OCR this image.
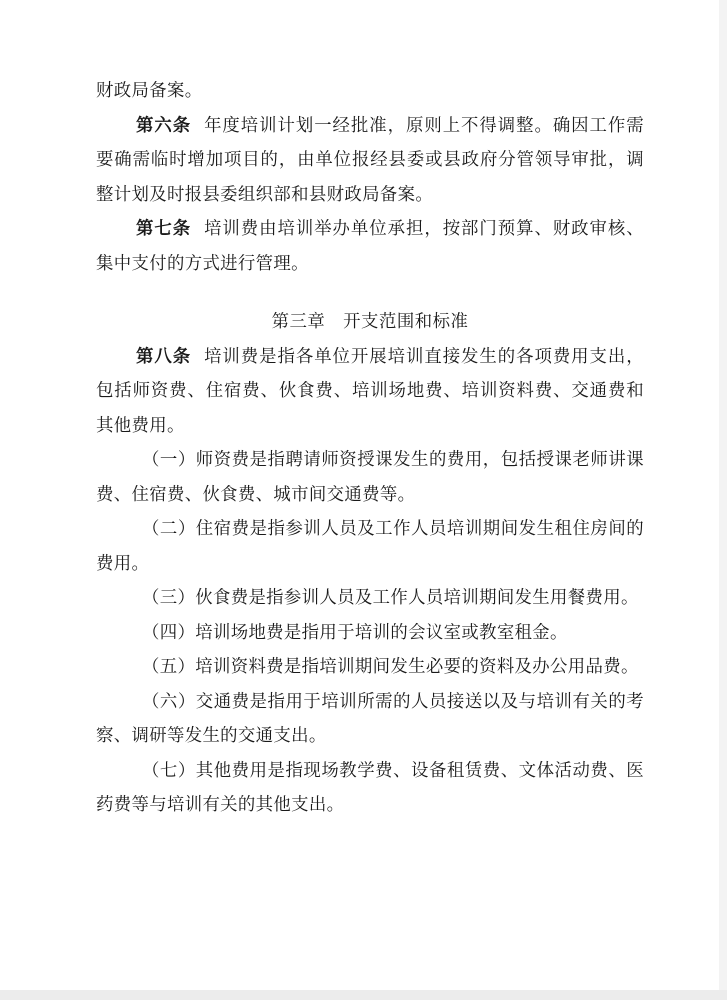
财政局备案。

第六条  年度培训计划一经批准，原则上不得调整。确因工作需要确需临时增加项目的，由单位报经县委或县政府分管领导审批，调整计划及时报县委组织部和县财政局备案。

第七条  培训费由培训举办单位承担，按部门预算、财政审核、集中支付的方式进行管理。

第三章　开支范围和标准

第八条  培训费是指各单位开展培训直接发生的各项费用支出，包括师资费、住宿费、伙食费、培训场地费、培训资料费、交通费和其他费用。

（一）师资费是指聘请师资授课发生的费用，包括授课老师讲课费、住宿费、伙食费、城市间交通费等。

（二）住宿费是指参训人员及工作人员培训期间发生租住房间的费用。

（三）伙食费是指参训人员及工作人员培训期间发生用餐费用。

（四）培训场地费是指用于培训的会议室或教室租金。

（五）培训资料费是指培训期间发生必要的资料及办公用品费。

（六）交通费是指用于培训所需的人员接送以及与培训有关的考察、调研等发生的交通支出。

（七）其他费用是指现场教学费、设备租赁费、文体活动费、医药费等与培训有关的其他支出。
